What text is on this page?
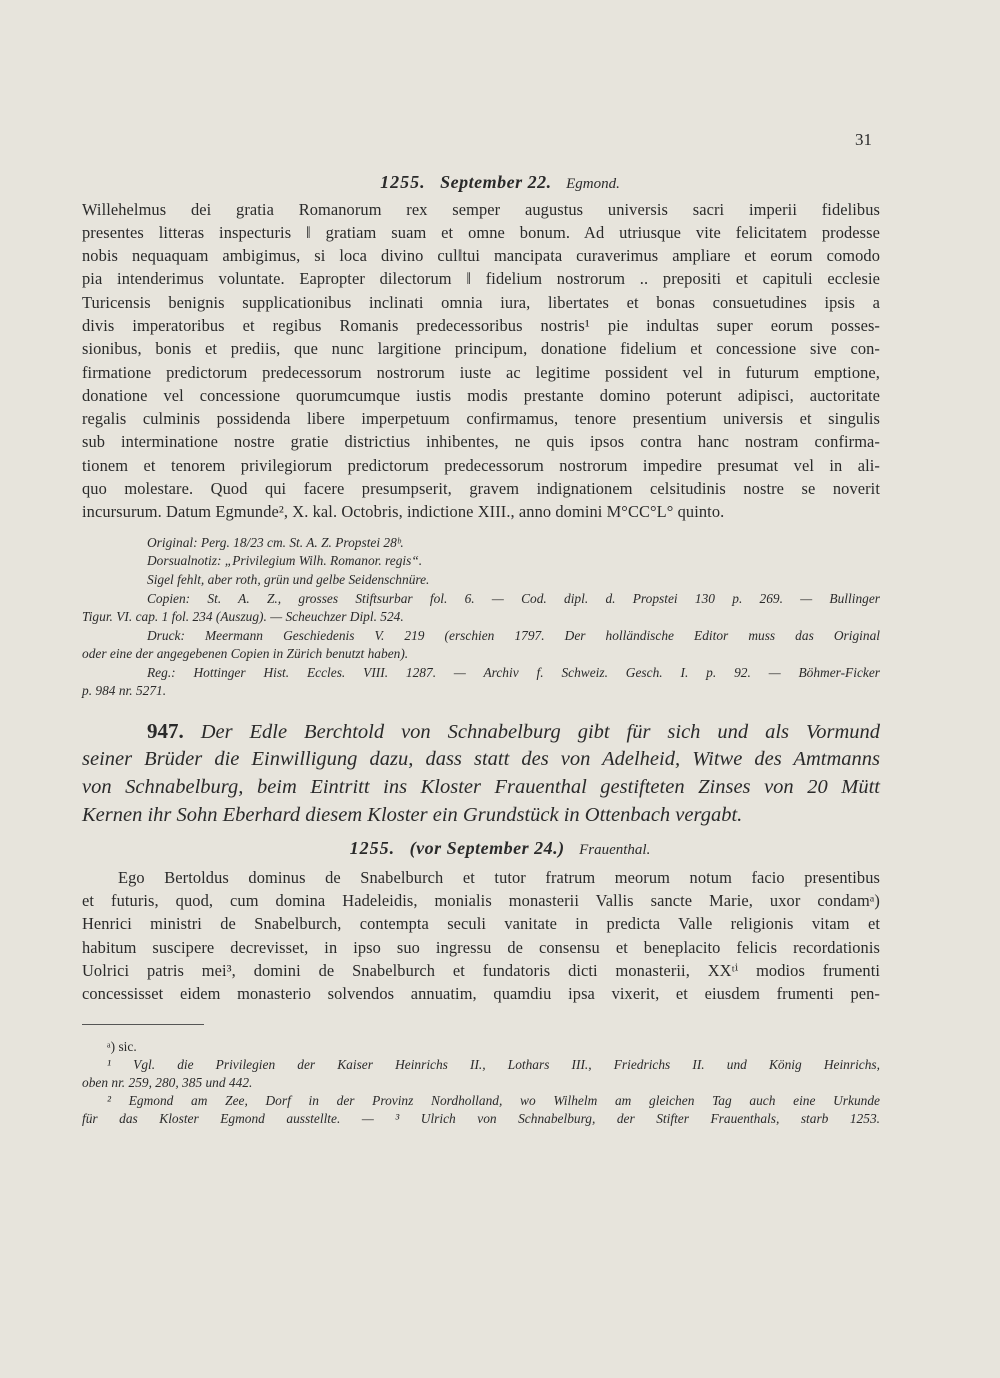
31
1255. September 22. Egmond.
Willehelmus dei gratia Romanorum rex semper augustus universis sacri imperii fidelibus
presentes litteras inspecturis ‖ gratiam suam et omne bonum. Ad utriusque vite felicitatem prodesse
nobis nequaquam ambigimus, si loca divino cul‖tui mancipata curaverimus ampliare et eorum comodo
pia intenderimus voluntate. Eapropter dilectorum ‖ fidelium nostrorum .. prepositi et capituli ecclesie
Turicensis benignis supplicationibus inclinati omnia iura, libertates et bonas consuetudines ipsis a
divis imperatoribus et regibus Romanis predecessoribus nostris¹ pie indultas super eorum posses-
sionibus, bonis et prediis, que nunc largitione principum, donatione fidelium et concessione sive con-
firmatione predictorum predecessorum nostrorum iuste ac legitime possident vel in futurum emptione,
donatione vel concessione quorumcumque iustis modis prestante domino poterunt adipisci, auctoritate
regalis culminis possidenda libere imperpetuum confirmamus, tenore presentium universis et singulis
sub interminatione nostre gratie districtius inhibentes, ne quis ipsos contra hanc nostram confirma-
tionem et tenorem privilegiorum predictorum predecessorum nostrorum impedire presumat vel in ali-
quo molestare. Quod qui facere presumpserit, gravem indignationem celsitudinis nostre se noverit
incursurum. Datum Egmunde², X. kal. Octobris, indictione XIII., anno domini M°CC°L° quinto.
Original: Perg. 18/23 cm. St. A. Z. Propstei 28ᵇ.
Dorsualnotiz: „Privilegium Wilh. Romanor. regis“.
Sigel fehlt, aber roth, grün und gelbe Seidenschnüre.
Copien: St. A. Z., grosses Stiftsurbar fol. 6. — Cod. dipl. d. Propstei 130 p. 269. — Bullinger
Tigur. VI. cap. 1 fol. 234 (Auszug). — Scheuchzer Dipl. 524.
Druck: Meermann Geschiedenis V. 219 (erschien 1797. Der holländische Editor muss das Original
oder eine der angegebenen Copien in Zürich benutzt haben).
Reg.: Hottinger Hist. Eccles. VIII. 1287. — Archiv f. Schweiz. Gesch. I. p. 92. — Böhmer-Ficker
p. 984 nr. 5271.
947. Der Edle Berchtold von Schnabelburg gibt für sich und als Vormund
seiner Brüder die Einwilligung dazu, dass statt des von Adelheid, Witwe des Amtmanns
von Schnabelburg, beim Eintritt ins Kloster Frauenthal gestifteten Zinses von 20 Mütt
Kernen ihr Sohn Eberhard diesem Kloster ein Grundstück in Ottenbach vergabt.
1255. (vor September 24.) Frauenthal.
Ego Bertoldus dominus de Snabelburch et tutor fratrum meorum notum facio presentibus
et futuris, quod, cum domina Hadeleidis, monialis monasterii Vallis sancte Marie, uxor condamᵃ)
Henrici ministri de Snabelburch, contempta seculi vanitate in predicta Valle religionis vitam et
habitum suscipere decrevisset, in ipso suo ingressu de consensu et beneplacito felicis recordationis
Uolrici patris mei³, domini de Snabelburch et fundatoris dicti monasterii, XXᵗⁱ modios frumenti
concessisset eidem monasterio solvendos annuatim, quamdiu ipsa vixerit, et eiusdem frumenti pen-
ᵃ) sic.
¹ Vgl. die Privilegien der Kaiser Heinrichs II., Lothars III., Friedrichs II. und König Heinrichs,
oben nr. 259, 280, 385 und 442.
² Egmond am Zee, Dorf in der Provinz Nordholland, wo Wilhelm am gleichen Tag auch eine Urkunde
für das Kloster Egmond ausstellte. — ³ Ulrich von Schnabelburg, der Stifter Frauenthals, starb 1253.
